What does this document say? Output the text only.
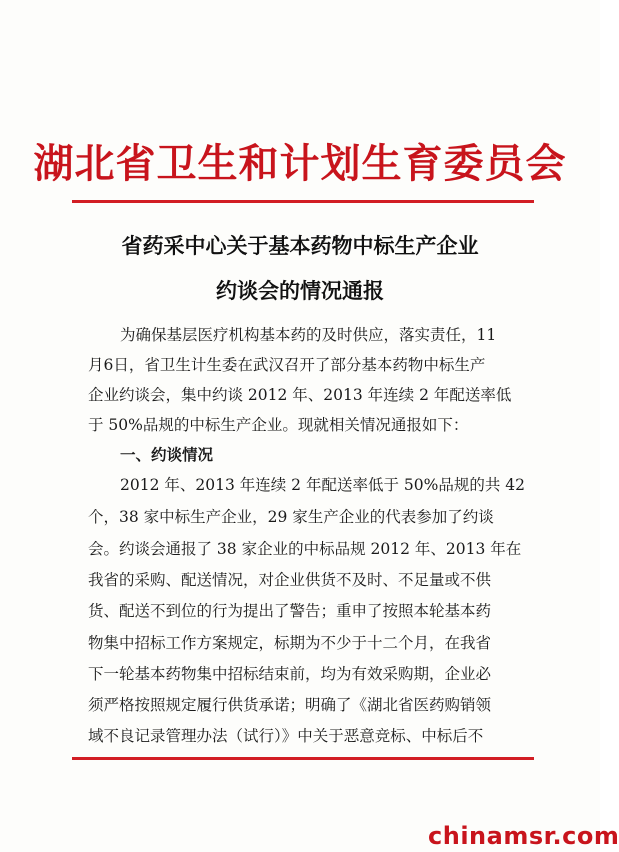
湖北省卫生和计划生育委员会
省药采中心关于基本药物中标生产企业
约谈会的情况通报
为确保基层医疗机构基本药的及时供应，落实责任，11
月6日，省卫生计生委在武汉召开了部分基本药物中标生产
企业约谈会，集中约谈 2012 年、2013 年连续 2 年配送率低
于 50%品规的中标生产企业。现就相关情况通报如下：
一、约谈情况
2012 年、2013 年连续 2 年配送率低于 50%品规的共 42
个，38 家中标生产企业，29 家生产企业的代表参加了约谈
会。约谈会通报了 38 家企业的中标品规 2012 年、2013 年在
我省的采购、配送情况，对企业供货不及时、不足量或不供
货、配送不到位的行为提出了警告；重申了按照本轮基本药
物集中招标工作方案规定，标期为不少于十二个月，在我省
下一轮基本药物集中招标结束前，均为有效采购期，企业必
须严格按照规定履行供货承诺；明确了《湖北省医药购销领
域不良记录管理办法（试行）》中关于恶意竞标、中标后不
chinamsr.com
